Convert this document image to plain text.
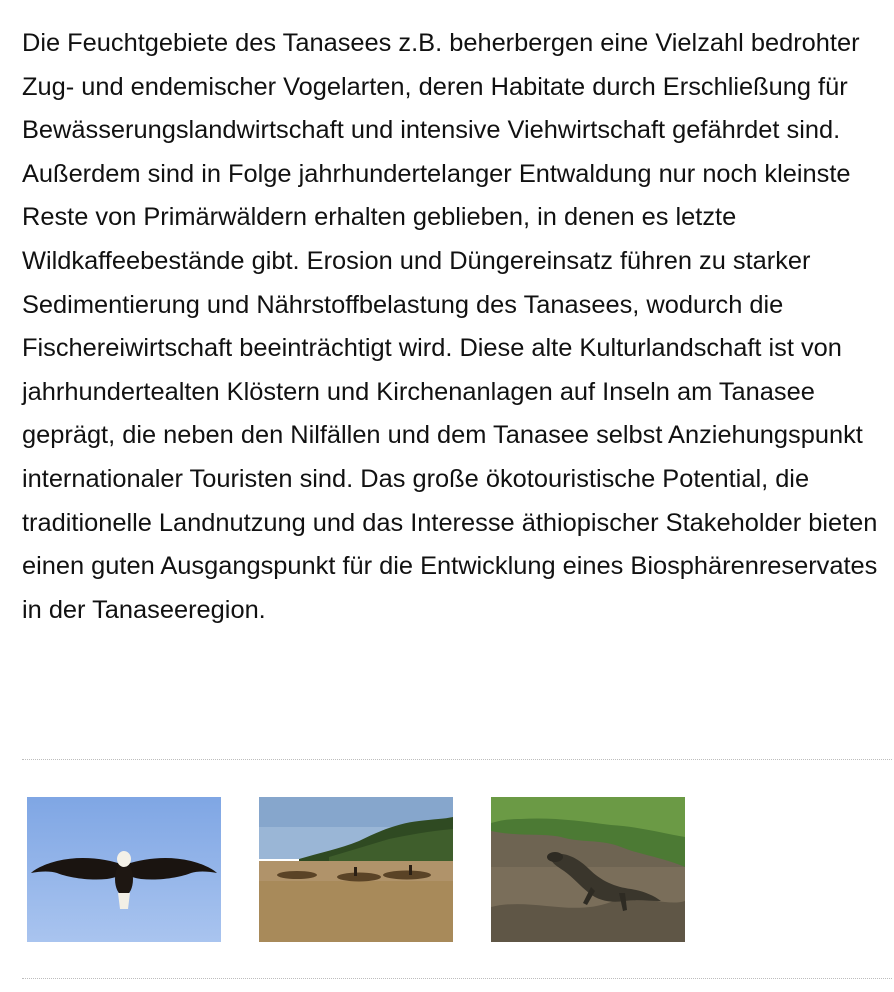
Die Feuchtgebiete des Tanasees z.B. beherbergen eine Vielzahl bedrohter Zug- und endemischer Vogelarten, deren Habitate durch Erschließung für Bewässerungslandwirtschaft und intensive Viehwirtschaft gefährdet sind. Außerdem sind in Folge jahrhundertelanger Entwaldung nur noch kleinste Reste von Primärwäldern erhalten geblieben, in denen es letzte Wildkaffeebestände gibt. Erosion und Düngereinsatz führen zu starker Sedimentierung und Nährstoffbelastung des Tanasees, wodurch die Fischereiwirtschaft beeinträchtigt wird. Diese alte Kulturlandschaft ist von jahrhundertealten Klöstern und Kirchenanlagen auf Inseln am Tanasee geprägt, die neben den Nilfällen und dem Tanasee selbst Anziehungspunkt internationaler Touristen sind. Das große ökotouristische Potential, die traditionelle Landnutzung und das Interesse äthiopischer Stakeholder bieten einen guten Ausgangspunkt für die Entwicklung eines Biosphärenreservates in der Tanaseeregion.
